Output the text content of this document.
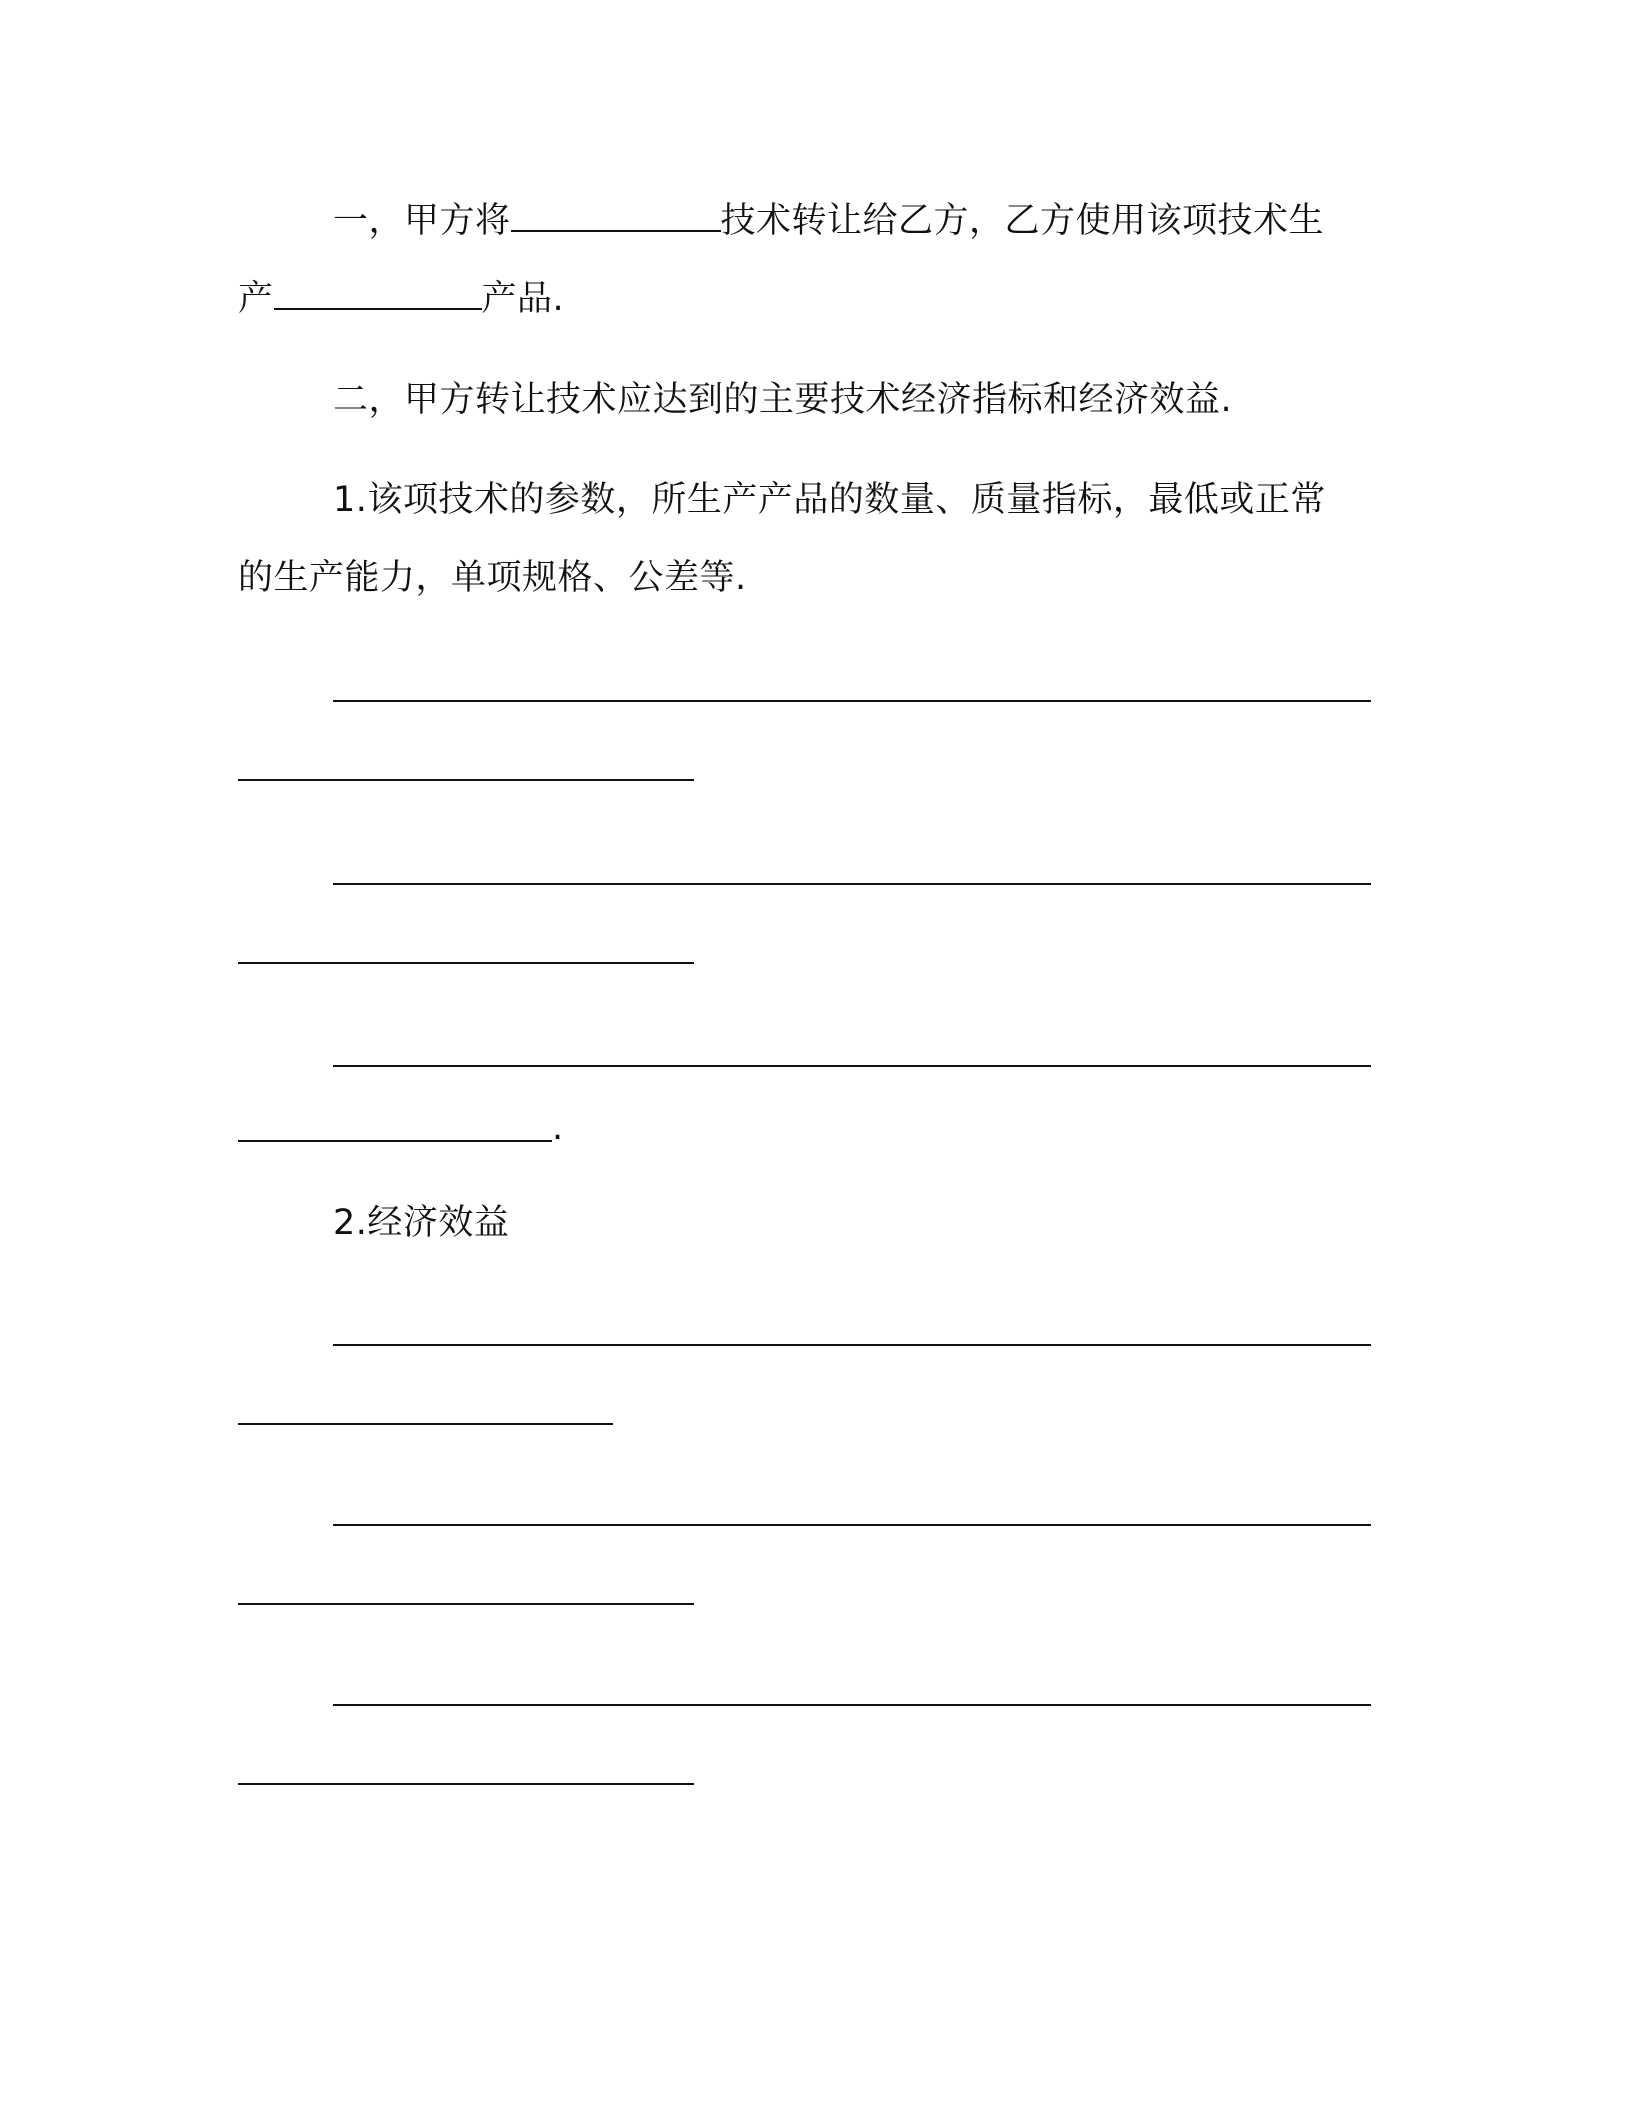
一，甲方将	技术转让给乙方，乙方使用该项技术生
产	产品.
二，甲方转让技术应达到的主要技术经济指标和经济效益.
1.该项技术的参数，所生产产品的数量、质量指标，最低或正常
的生产能力，单项规格、公差等.
.
2.经济效益
